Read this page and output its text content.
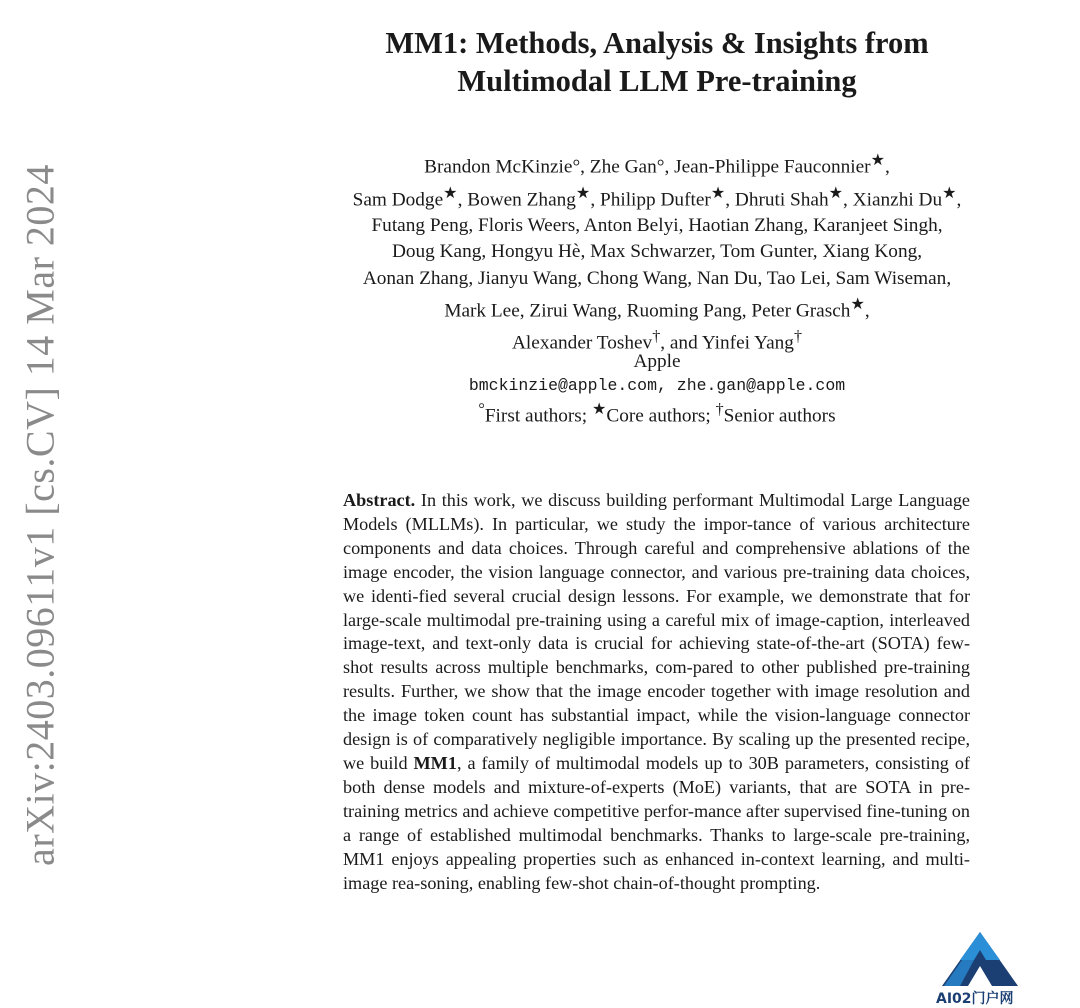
arXiv:2403.09611v1 [cs.CV] 14 Mar 2024
MM1: Methods, Analysis & Insights from
Multimodal LLM Pre-training
Brandon McKinzie°, Zhe Gan°, Jean-Philippe Fauconnier★,
Sam Dodge★, Bowen Zhang★, Philipp Dufter★, Dhruti Shah★, Xianzhi Du★,
Futang Peng, Floris Weers, Anton Belyi, Haotian Zhang, Karanjeet Singh,
Doug Kang, Hongyu Hè, Max Schwarzer, Tom Gunter, Xiang Kong,
Aonan Zhang, Jianyu Wang, Chong Wang, Nan Du, Tao Lei, Sam Wiseman,
Mark Lee, Zirui Wang, Ruoming Pang, Peter Grasch★,
Alexander Toshev†, and Yinfei Yang†
Apple
bmckinzie@apple.com, zhe.gan@apple.com
°First authors; ★Core authors; †Senior authors
Abstract. In this work, we discuss building performant Multimodal Large Language Models (MLLMs). In particular, we study the impor-tance of various architecture components and data choices. Through careful and comprehensive ablations of the image encoder, the vision language connector, and various pre-training data choices, we identi-fied several crucial design lessons. For example, we demonstrate that for large-scale multimodal pre-training using a careful mix of image-caption, interleaved image-text, and text-only data is crucial for achieving state-of-the-art (SOTA) few-shot results across multiple benchmarks, com-pared to other published pre-training results. Further, we show that the image encoder together with image resolution and the image token count has substantial impact, while the vision-language connector design is of comparatively negligible importance. By scaling up the presented recipe, we build MM1, a family of multimodal models up to 30B parameters, consisting of both dense models and mixture-of-experts (MoE) variants, that are SOTA in pre-training metrics and achieve competitive perfor-mance after supervised fine-tuning on a range of established multimodal benchmarks. Thanks to large-scale pre-training, MM1 enjoys appealing properties such as enhanced in-context learning, and multi-image rea-soning, enabling few-shot chain-of-thought prompting.
AI02门户网
